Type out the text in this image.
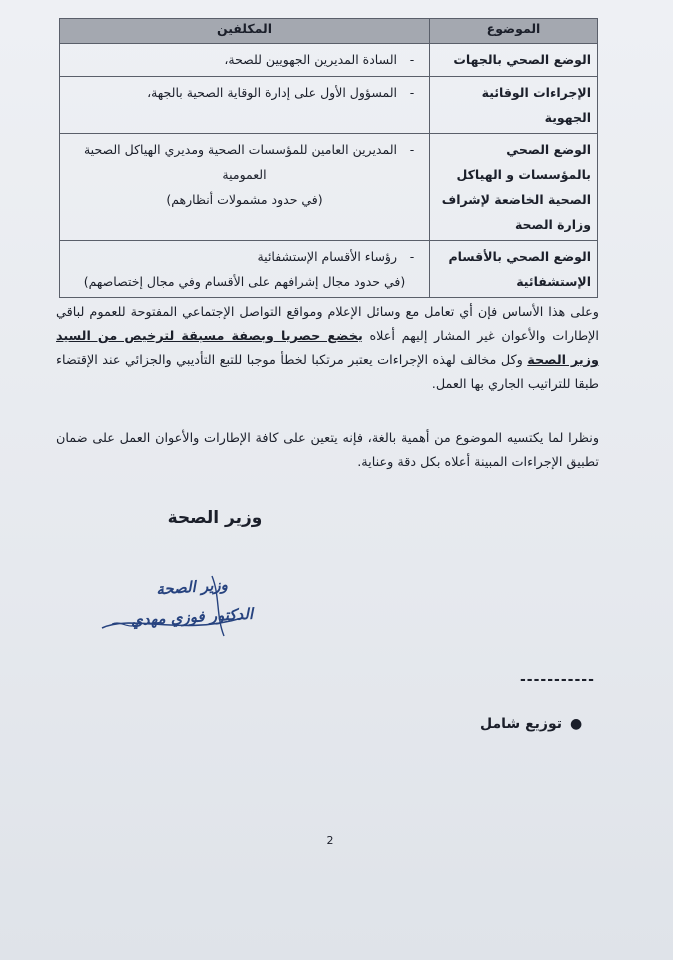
الموضوع	المكلفين
الوضع الصحي بالجهات	- السادة المديرين الجهويين للصحة،
الإجراءات الوقائية الجهوية	- المسؤول الأول على إدارة الوقاية الصحية بالجهة،
الوضع الصحي بالمؤسسات و الهياكل الصحية الخاضعة لإشراف وزارة الصحة	- المديرين العامين للمؤسسات الصحية ومديري الهياكل الصحية
العمومية
(في حدود مشمولات أنظارهم)

الوضع الصحي بالأقسام الإستشفائية	- رؤساء الأقسام الإستشفائية
(في حدود مجال إشرافهم على الأقسام وفي مجال إختصاصهم)

وعلى هذا الأساس فإن أي تعامل مع وسائل الإعلام ومواقع التواصل الإجتماعي المفتوحة للعموم لباقي الإطارات والأعوان غير المشار إليهم أعلاه يخضع حصريا وبصفة مسبقة لترخيص من السيد وزير الصحة وكل مخالف لهذه الإجراءات يعتبر مرتكبا لخطأ موجبا للتبع التأديبي والجزائي عند الإقتضاء طبقا للتراتيب الجاري بها العمل.

ونظرا لما يكتسيه الموضوع من أهمية بالغة، فإنه يتعين على كافة الإطارات والأعوان العمل على ضمان تطبيق الإجراءات المبينة أعلاه بكل دقة وعناية.

وزير الصحة
وزير الصحة
الدكتور فوزي مهدي
-----------
●توزيع شامل
2
